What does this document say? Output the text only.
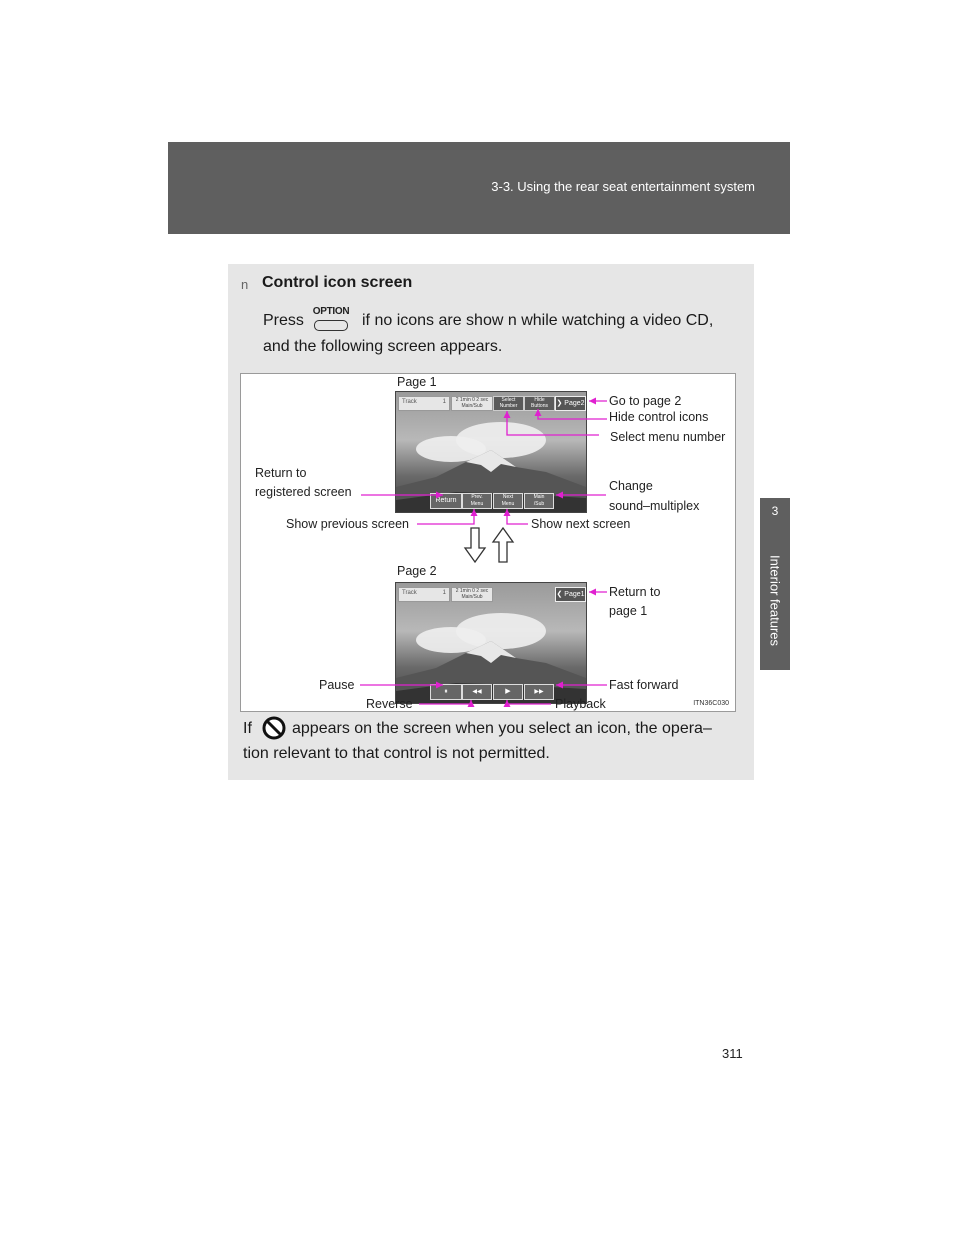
3-3. Using the rear seat entertainment system
3
Interior features
n Control icon screen
Press
OPTION
if no icons are show n while watching a video CD,
and the following screen appears.
If	appears on the screen when you select an icon, the opera–
tion relevant to that control is not permitted.
Page 1
Page 2
Track	1	2 1min 0 2 sec
Main/Sub
Select
Number
Hide
Buttons	❯ Page2
Return	Prev.
Menu
Next
Menu
Main
/Sub
Track	1	2 1min 0 2 sec
Main/Sub	❮ Page1
⏸	◀◀	▶	▶▶
Go to page 2
Hide control icons
Select menu number
Return to
registered screen	Change
sound–multiplex
Show previous screen	Show next screen
Return to
page 1
Pause	Fast forward
Reverse	Playback	ITN36C030
311
